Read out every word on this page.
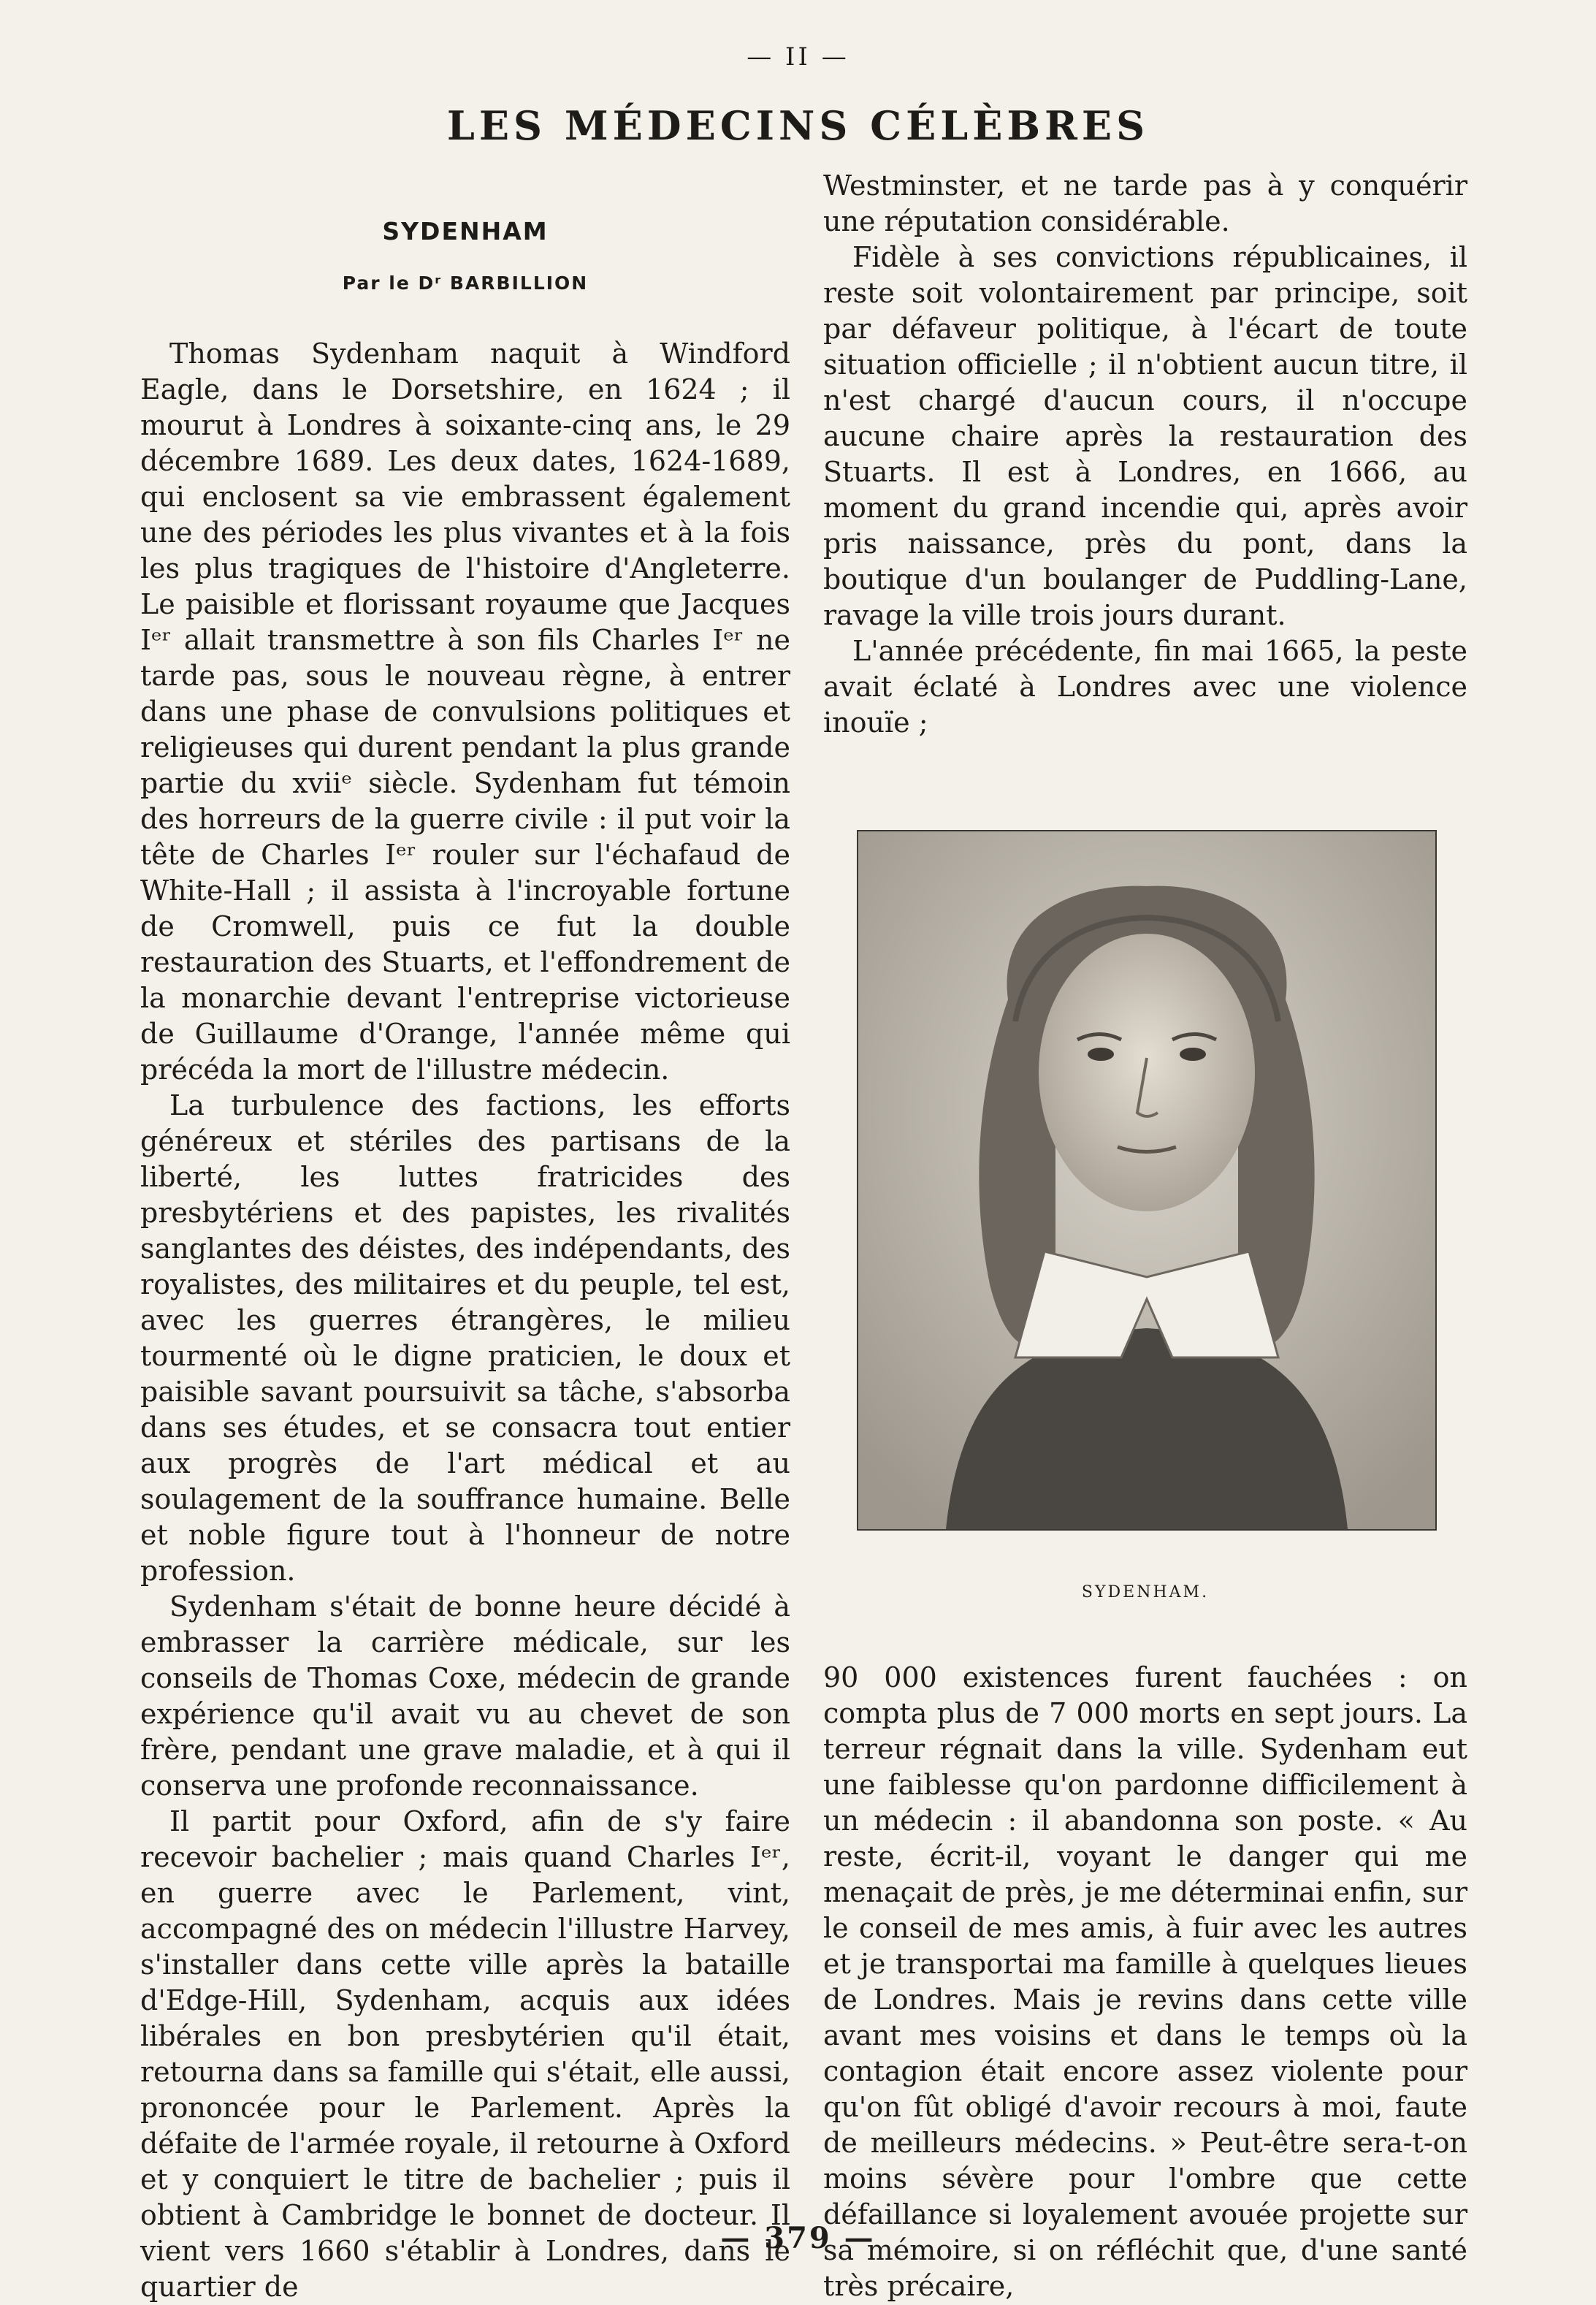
— II —
LES MÉDECINS CÉLÈBRES
SYDENHAM
Par le Dʳ BARBILLION

Thomas Sydenham naquit à Windford Eagle, dans le Dorsetshire, en 1624 ; il mourut à Londres à soixante-cinq ans, le 29 décembre 1689. Les deux dates, 1624-1689, qui enclosent sa vie embrassent également une des périodes les plus vivantes et à la fois les plus tragiques de l'histoire d'Angleterre. Le paisible et florissant royaume que Jacques Iᵉʳ allait transmettre à son fils Charles Iᵉʳ ne tarde pas, sous le nouveau règne, à entrer dans une phase de convulsions politiques et religieuses qui durent pendant la plus grande partie du xviiᵉ siècle. Sydenham fut témoin des horreurs de la guerre civile : il put voir la tête de Charles Iᵉʳ rouler sur l'échafaud de White-Hall ; il assista à l'incroyable fortune de Cromwell, puis ce fut la double restauration des Stuarts, et l'effondrement de la monarchie devant l'entreprise victorieuse de Guillaume d'Orange, l'année même qui précéda la mort de l'illustre médecin.

La turbulence des factions, les efforts généreux et stériles des partisans de la liberté, les luttes fratricides des presbytériens et des papistes, les rivalités sanglantes des déistes, des indépendants, des royalistes, des militaires et du peuple, tel est, avec les guerres étrangères, le milieu tourmenté où le digne praticien, le doux et paisible savant poursuivit sa tâche, s'absorba dans ses études, et se consacra tout entier aux progrès de l'art médical et au soulagement de la souffrance humaine. Belle et noble figure tout à l'honneur de notre profession.

Sydenham s'était de bonne heure décidé à embrasser la carrière médicale, sur les conseils de Thomas Coxe, médecin de grande expérience qu'il avait vu au chevet de son frère, pendant une grave maladie, et à qui il conserva une profonde reconnaissance.

Il partit pour Oxford, afin de s'y faire recevoir bachelier ; mais quand Charles Iᵉʳ, en guerre avec le Parlement, vint, accompagné des on médecin l'illustre Harvey, s'installer dans cette ville après la bataille d'Edge-Hill, Sydenham, acquis aux idées libérales en bon presbytérien qu'il était, retourna dans sa famille qui s'était, elle aussi, prononcée pour le Parlement. Après la défaite de l'armée royale, il retourne à Oxford et y conquiert le titre de bachelier ; puis il obtient à Cambridge le bonnet de docteur. Il vient vers 1660 s'établir à Londres, dans le quartier de

Westminster, et ne tarde pas à y conquérir une réputation considérable.

Fidèle à ses convictions républicaines, il reste soit volontairement par principe, soit par défaveur politique, à l'écart de toute situation officielle ; il n'obtient aucun titre, il n'est chargé d'aucun cours, il n'occupe aucune chaire après la restauration des Stuarts. Il est à Londres, en 1666, au moment du grand incendie qui, après avoir pris naissance, près du pont, dans la boutique d'un boulanger de Puddling-Lane, ravage la ville trois jours durant.

L'année précédente, fin mai 1665, la peste avait éclaté à Londres avec une violence inouïe ;

SYDENHAM.

90 000 existences furent fauchées : on compta plus de 7 000 morts en sept jours. La terreur régnait dans la ville. Sydenham eut une faiblesse qu'on pardonne difficilement à un médecin : il abandonna son poste. « Au reste, écrit-il, voyant le danger qui me menaçait de près, je me déterminai enfin, sur le conseil de mes amis, à fuir avec les autres et je transportai ma famille à quelques lieues de Londres. Mais je revins dans cette ville avant mes voisins et dans le temps où la contagion était encore assez violente pour qu'on fût obligé d'avoir recours à moi, faute de meilleurs médecins. » Peut-être sera-t-on moins sévère pour l'ombre que cette défaillance si loyalement avouée projette sur sa mémoire, si on réfléchit que, d'une santé très précaire,

— 379 —
